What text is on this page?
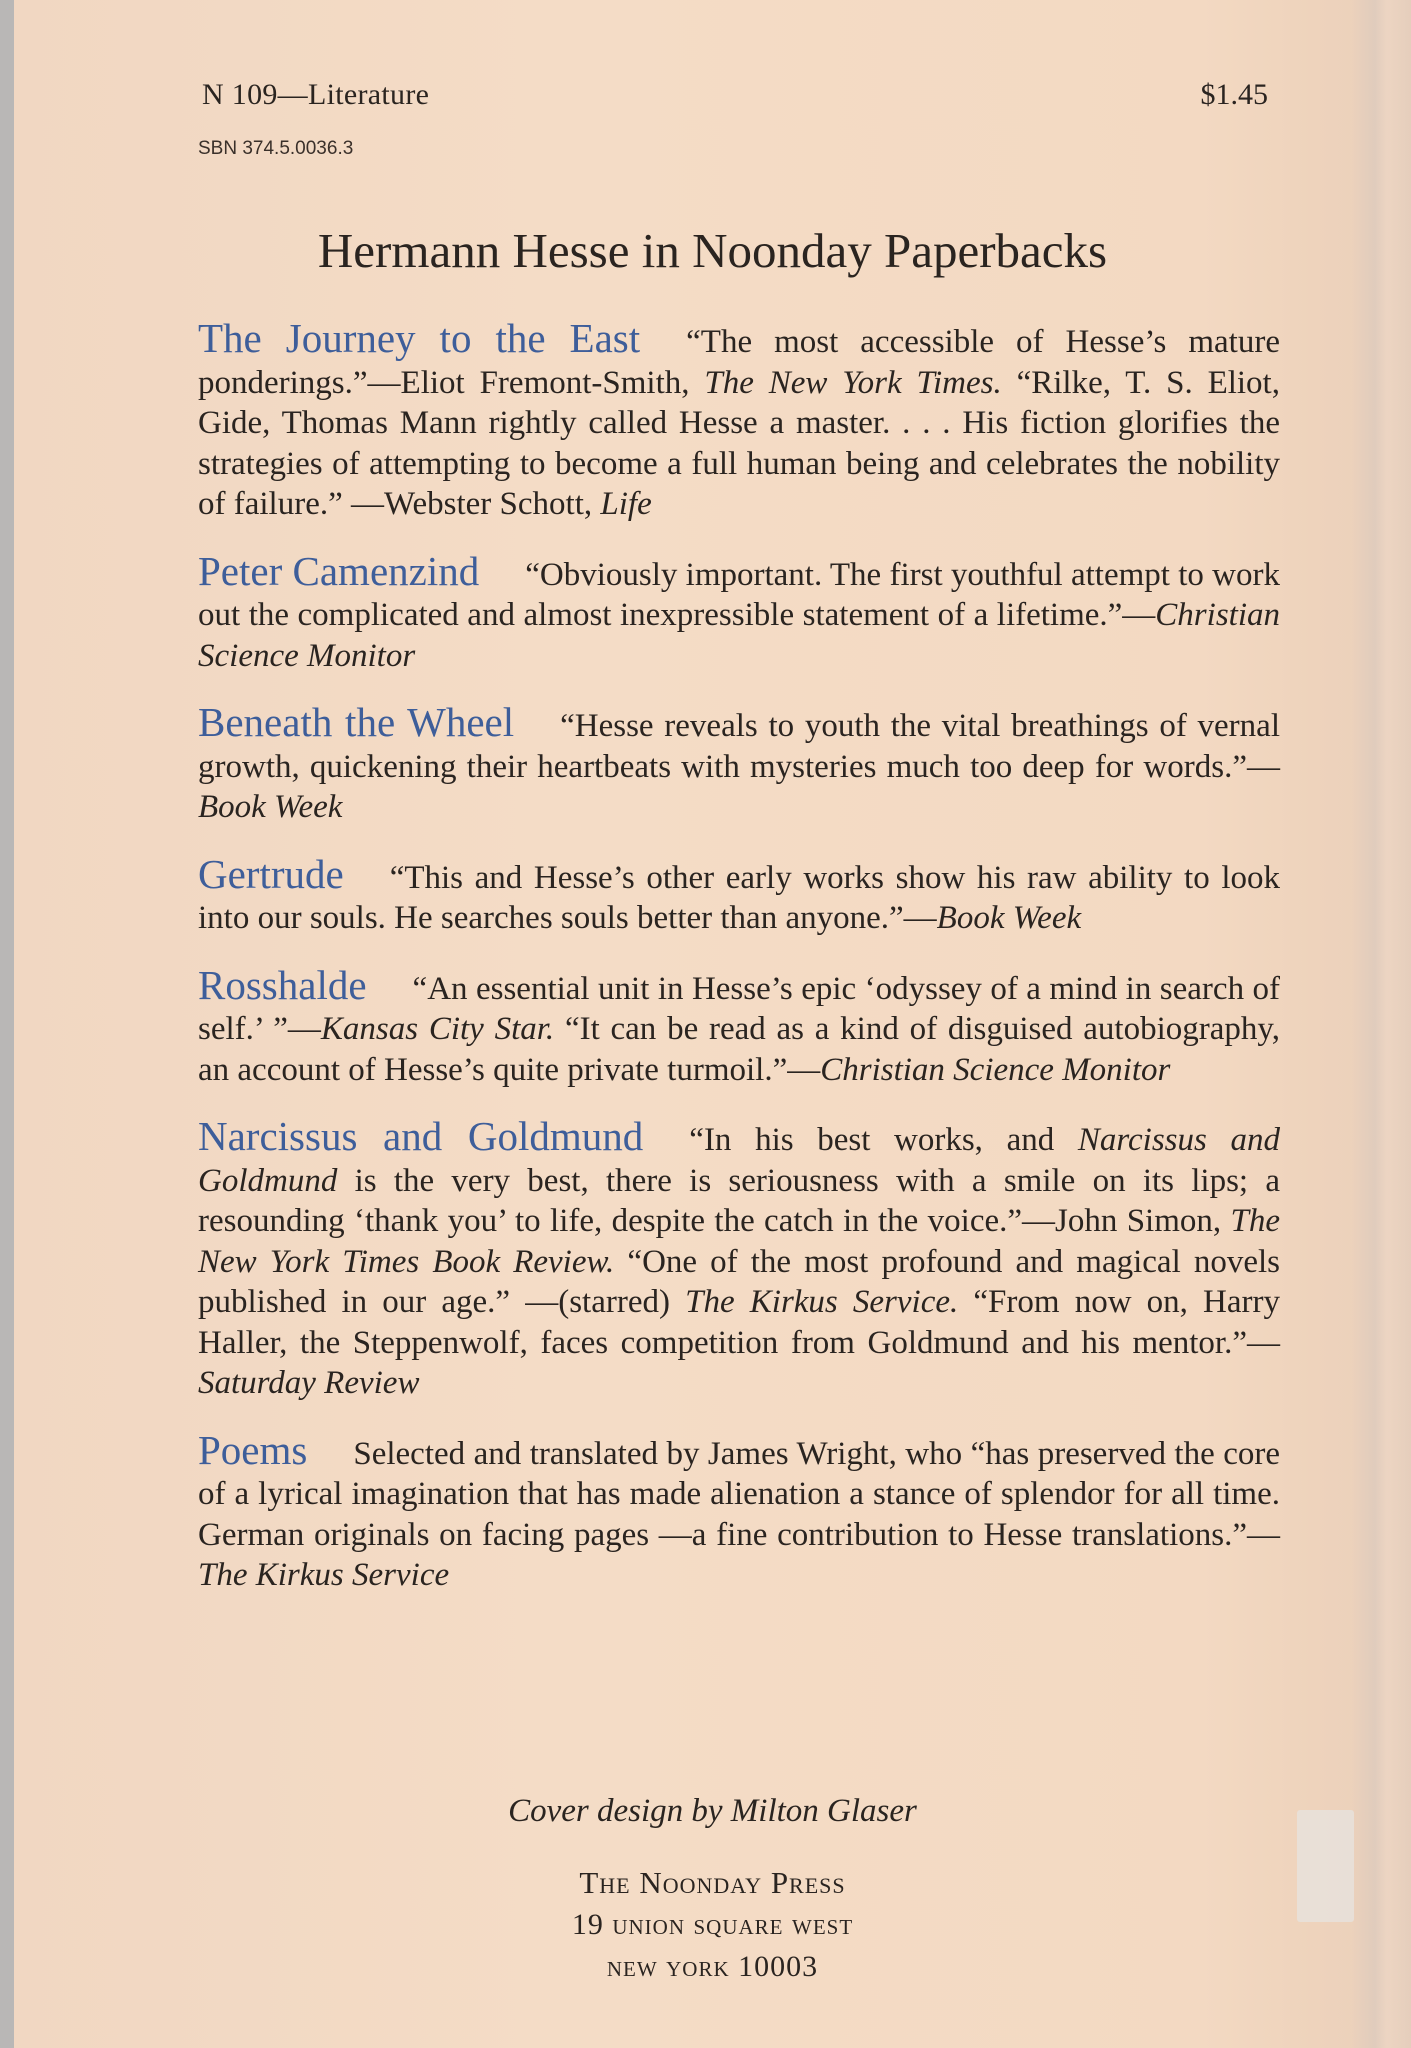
N 109—Literature
SBN 374.5.0036.3
$1.45
Hermann Hesse in Noonday Paperbacks

The Journey to the East “The most accessible of Hesse’s mature ponderings.”—Eliot Fremont-Smith, The New York Times. “Rilke, T. S. Eliot, Gide, Thomas Mann rightly called Hesse a master. . . . His fiction glorifies the strategies of attempting to become a full human being and celebrates the nobility of failure.” —Webster Schott, Life

Peter Camenzind “Obviously important. The first youthful attempt to work out the complicated and almost inexpressible statement of a lifetime.”—Christian Science Monitor

Beneath the Wheel “Hesse reveals to youth the vital breathings of vernal growth, quickening their heartbeats with mysteries much too deep for words.”—Book Week

Gertrude “This and Hesse’s other early works show his raw ability to look into our souls. He searches souls better than anyone.”—Book Week

Rosshalde “An essential unit in Hesse’s epic ‘odyssey of a mind in search of self.’ ”—Kansas City Star. “It can be read as a kind of disguised autobiography, an account of Hesse’s quite private turmoil.”—Christian Science Monitor

Narcissus and Goldmund “In his best works, and Narcissus and Goldmund is the very best, there is seriousness with a smile on its lips; a resounding ‘thank you’ to life, despite the catch in the voice.”—John Simon, The New York Times Book Review. “One of the most profound and magical novels published in our age.” —(starred) The Kirkus Service. “From now on, Harry Haller, the Steppenwolf, faces competition from Goldmund and his mentor.”—Saturday Review

Poems Selected and translated by James Wright, who “has preserved the core of a lyrical imagination that has made alienation a stance of splendor for all time. German originals on facing pages —a fine contribution to Hesse translations.”—The Kirkus Service

Cover design by Milton Glaser
The Noonday Press
19 union square west
new york 10003
